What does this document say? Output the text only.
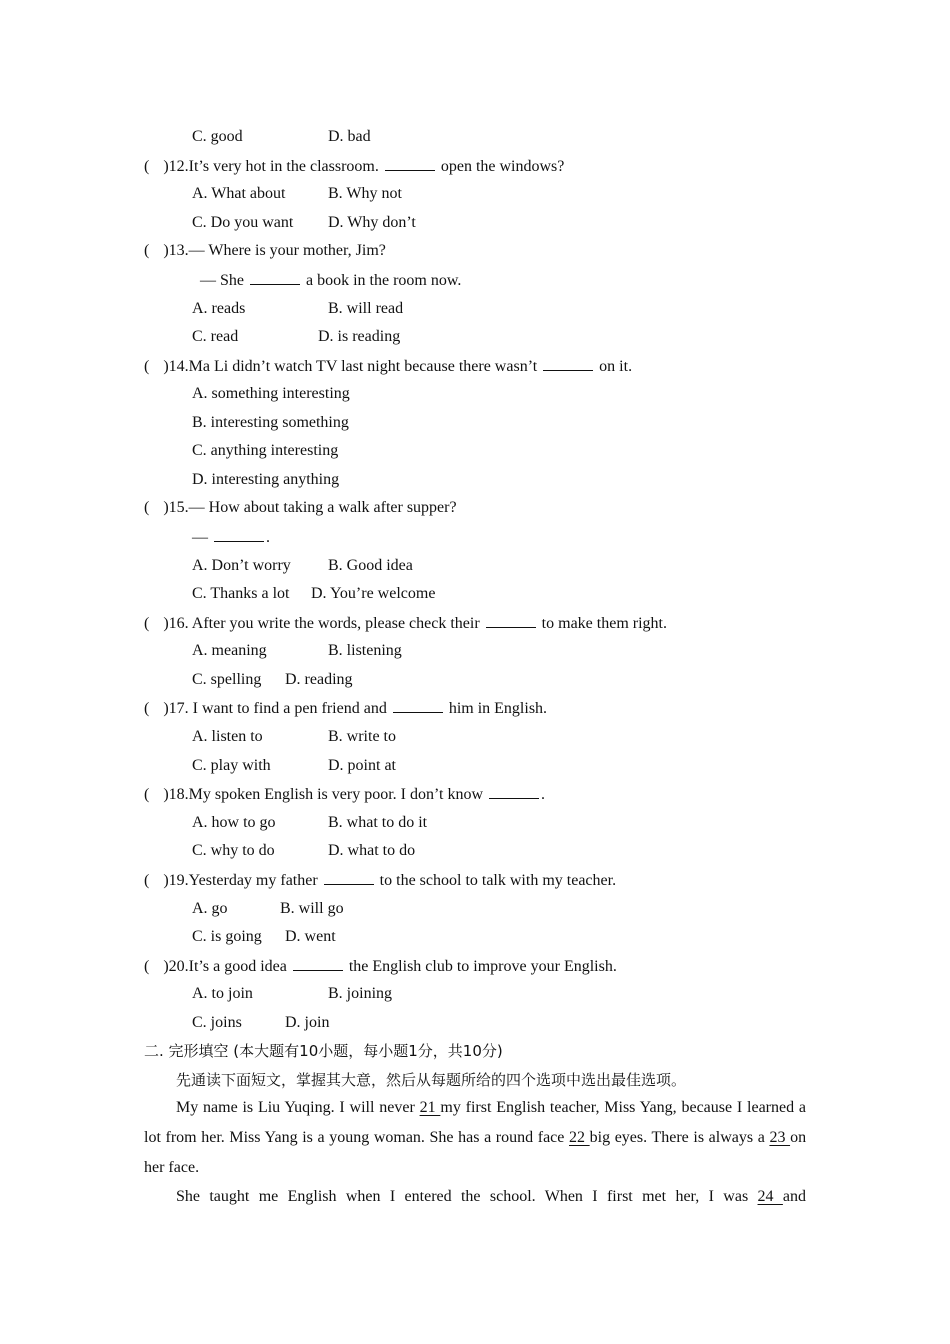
C. good	D. bad
( )12.It’s very hot in the classroom.	open the windows?
A. What about	B. Why not
C. Do you want D. Why don’t
( )13.— Where is your mother, Jim?
— She	a book in the room now.
A. reads	B. will read
C. read	D. is reading
( )14.Ma Li didn’t watch TV last night because there wasn’t	on it.
A. something interesting
B. interesting something
C. anything interesting
D. interesting anything
( )15.— How about taking a walk after supper?
—	.
A. Don’t worry B. Good idea
C. Thanks a lot D. You’re welcome
( )16. After you write the words, please check their	to make them right.
A. meaning	B. listening
C. spelling D. reading
( )17. I want to find a pen friend and	him in English.
A. listen to	B. write to
C. play with	D. point at
( )18.My spoken English is very poor. I don’t know	.
A. how to go	B. what to do it
C. why to do	D. what to do
( )19.Yesterday my father	to the school to talk with my teacher.
A. go	B. will go
C. is going D. went
( )20.It’s a good idea	the English club to improve your English.
A. to join	B. joining
C. joins	D. join
二. 完形填空 (本大题有10小题，每小题1分，共10分)
先通读下面短文，掌握其大意，然后从每题所给的四个选项中选出最佳选项。
My name is Liu Yuqing. I will never 21 my first English teacher, Miss Yang, because I learned a lot from her. Miss Yang is a young woman. She has a round face 22 big eyes. There is always a 23 on her face.
She taught me English when I entered the school. When I first met her, I was 24 and
